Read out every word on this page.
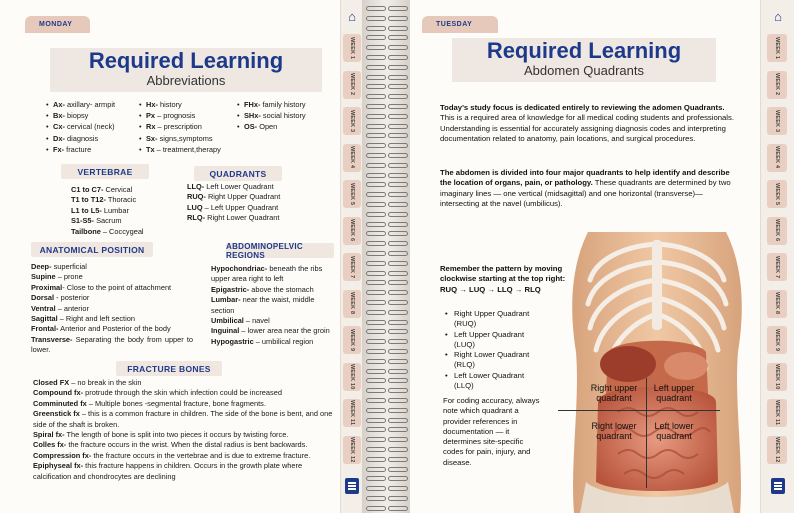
MONDAY
Required Learning
Abbreviations
• Ax- axillary- armpit
• Bx- biopsy
• Cx- cervical (neck)
• Dx- diagnosis
• Fx- fracture
• Hx- history
• Px – prognosis
• Rx – prescription
• Sx- signs,symptoms
• Tx – treatment,therapy
• FHx- family history
• SHx- social history
• OS- Open
VERTEBRAE
C1 to C7- Cervical
T1 to T12- Thoracic
L1 to L5- Lumbar
S1-S5- Sacrum
Tailbone – Coccygeal
QUADRANTS
LLQ- Left Lower Quadrant
RUQ- Right Upper Quadrant
LUQ – Left Upper Quadrant
RLQ- Right Lower Quadrant
ANATOMICAL POSITION
Deep- superficial
Supine – prone
Proximal- Close to the point of attachment
Dorsal - posterior
Ventral – anterior
Sagittal – Right and left section
Frontal- Anterior and Posterior of the body
Transverse- Separating the body from upper to lower.
ABDOMINOPELVIC REGIONS
Hypochondriac- beneath the ribs upper area right to left
Epigastric- above the stomach
Lumbar- near the waist, middle section
Umbilical – navel
Inguinal – lower area near the groin
Hypogastric – umbilical region
FRACTURE BONES
Closed FX – no break in the skin
Compound fx- protrude through the skin which infection could be increased
Comminuted fx – Multiple bones -segmental fracture, bone fragments.
Greenstick fx – this is a common fracture in children. The side of the bone is bent, and one side of the shaft is broken.
Spiral fx- The length of bone is split into two pieces it occurs by twisting force.
Colles fx- the fracture occurs in the wrist. When the distal radius is bent backwards.
Compression fx- the fracture occurs in the vertebrae and is due to extreme fracture.
Epiphyseal fx- this fracture happens in children. Occurs in the growth plate where calcification and chondrocytes are declining
⌂
WEEK 1
WEEK 2
WEEK 3
WEEK 4
WEEK 5
WEEK 6
WEEK 7
WEEK 8
WEEK 9
WEEK 10
WEEK 11
WEEK 12
TUESDAY
Required Learning
Abdomen Quadrants
Today's study focus is dedicated entirely to reviewing the adomen Quadrants. This is a required area of knowledge for all medical coding students and professionals. Understanding is essential for accurately assigning diagnosis codes and interpreting documentation related to anatomy, pain locations, and surgical procedures.
The abdomen is divided into four major quadrants to help identify and describe the location of organs, pain, or pathology. These quadrants are determined by two imaginary lines — one vertical (midsagittal) and one horizontal (transverse)— intersecting at the navel (umbilicus).
Remember the pattern by moving clockwise starting at the top right: RUQ → LUQ → LLQ → RLQ
• Right Upper Quadrant (RUQ)
• Left Upper Quadrant (LUQ)
• Right Lower Quadrant (RLQ)
• Left Lower Quadrant (LLQ)
For coding accuracy, always note which quadrant a provider references in documentation — it determines site-specific codes for pain, injury, and disease.
Right upper quadrant
Left upper quadrant
Right lower quadrant
Left lower quadrant
⌂
WEEK 1
WEEK 2
WEEK 3
WEEK 4
WEEK 5
WEEK 6
WEEK 7
WEEK 8
WEEK 9
WEEK 10
WEEK 11
WEEK 12
